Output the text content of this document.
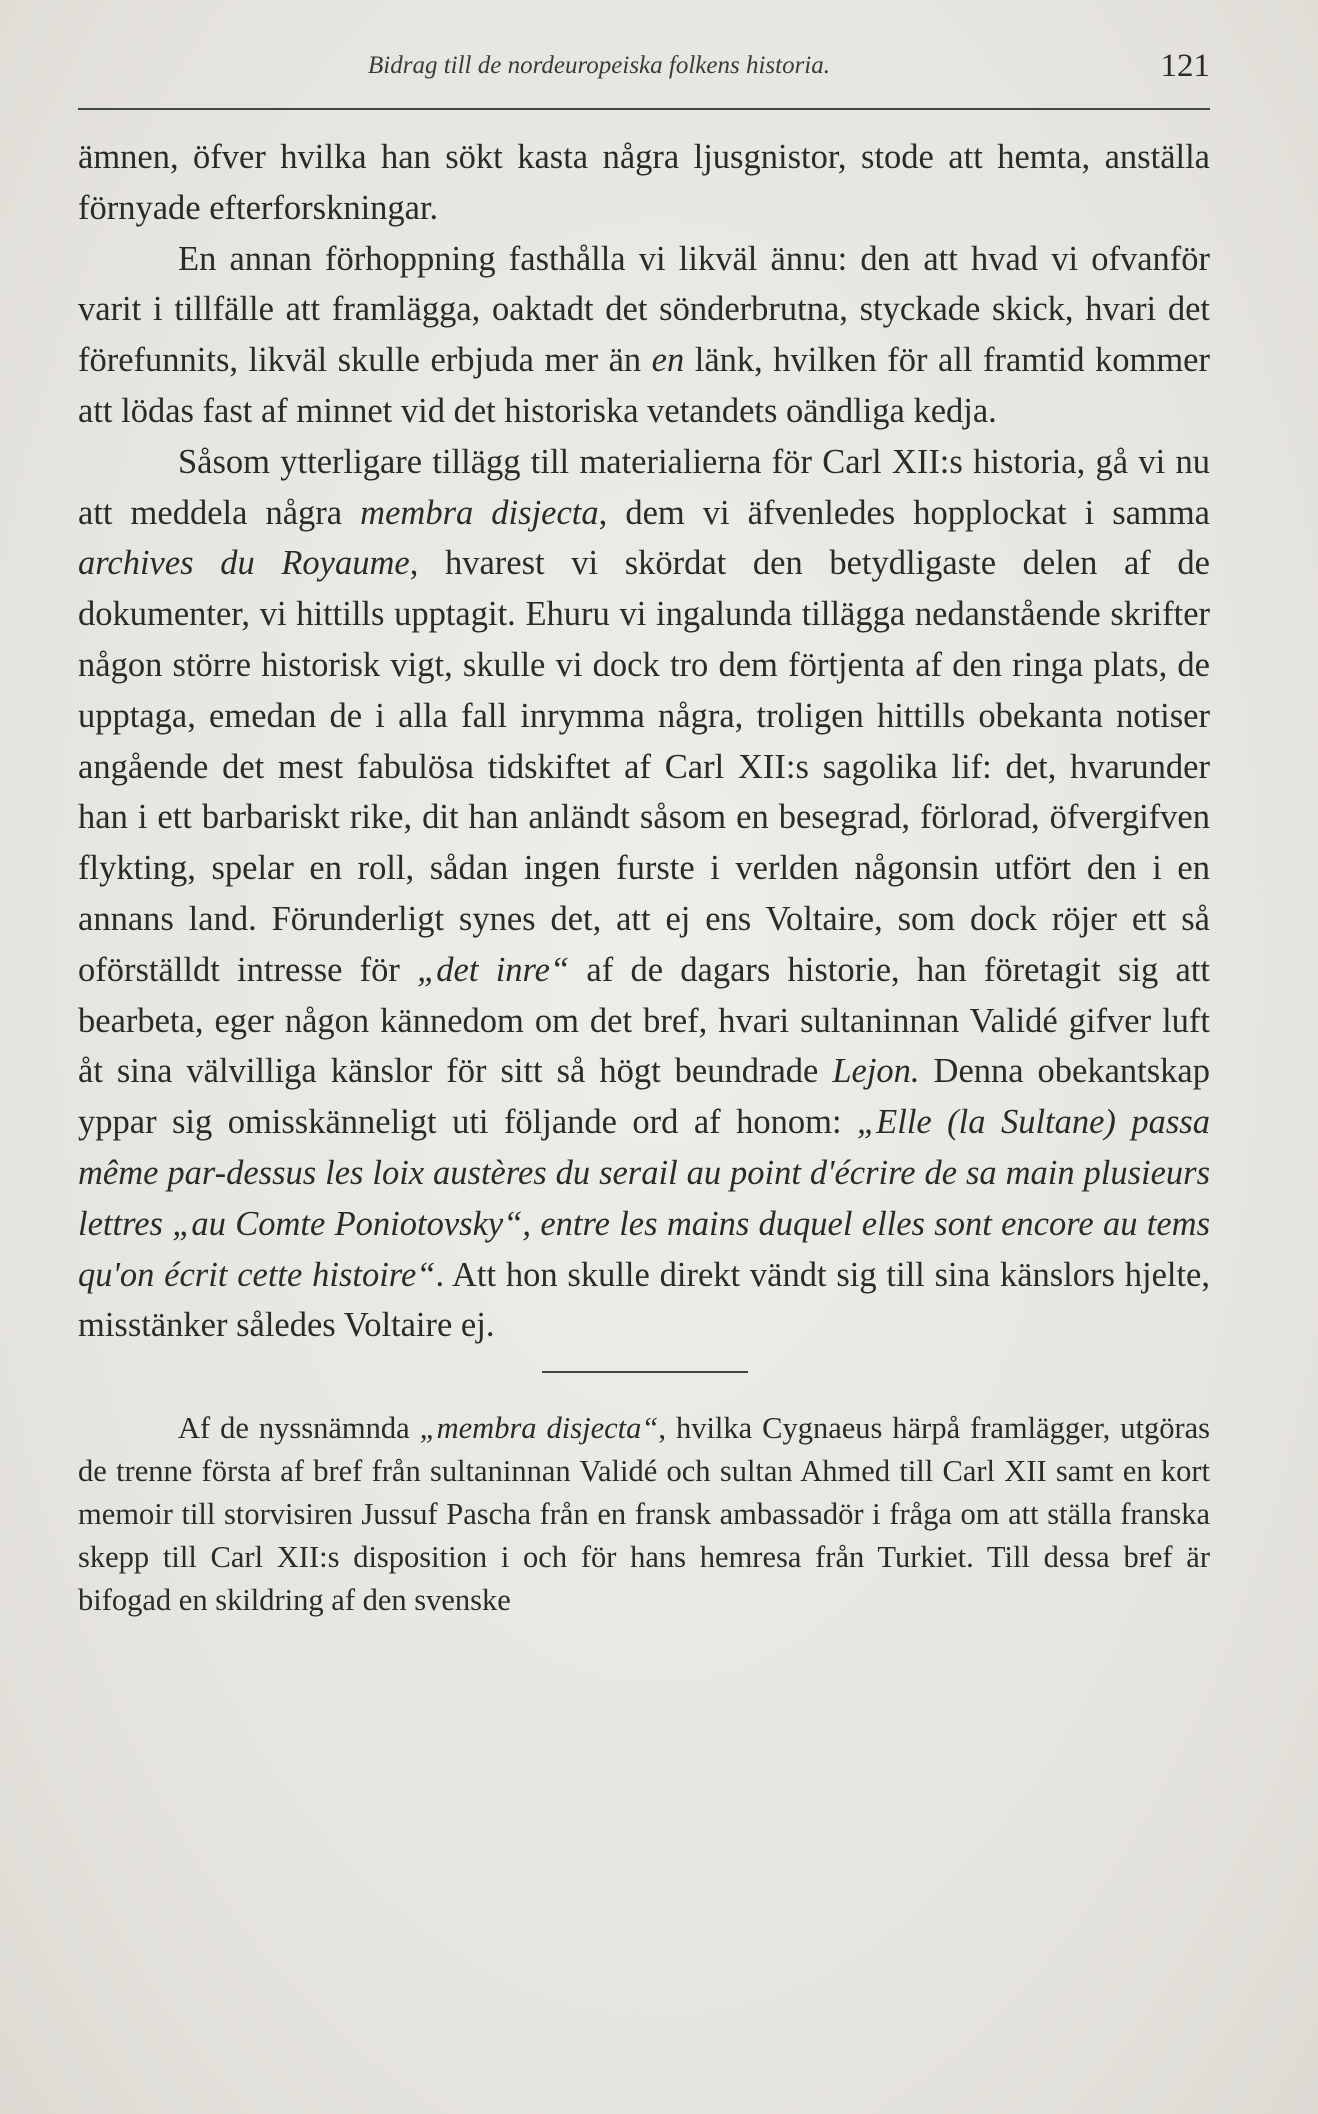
Bidrag till de nordeuropeiska folkens historia.	121

ämnen, öfver hvilka han sökt kasta några ljusgnistor, stode att hemta, anställa förnyade efterforskningar.

En annan förhoppning fasthålla vi likväl ännu: den att hvad vi ofvanför varit i tillfälle att framlägga, oaktadt det sönderbrutna, styckade skick, hvari det förefunnits, likväl skulle erbjuda mer än en länk, hvilken för all framtid kommer att lödas fast af minnet vid det historiska vetandets oändliga kedja.

Såsom ytterligare tillägg till materialierna för Carl XII:s historia, gå vi nu att meddela några membra disjecta, dem vi äfvenledes hopplockat i samma archives du Royaume, hvarest vi skördat den betydligaste delen af de dokumenter, vi hittills upptagit. Ehuru vi ingalunda tillägga nedanstående skrifter någon större historisk vigt, skulle vi dock tro dem förtjenta af den ringa plats, de upptaga, emedan de i alla fall inrymma några, troligen hittills obekanta notiser angående det mest fabulösa tidskiftet af Carl XII:s sagolika lif: det, hvarunder han i ett barbariskt rike, dit han anländt såsom en besegrad, förlorad, öfvergifven flykting, spelar en roll, sådan ingen furste i verlden någonsin utfört den i en annans land. Förunderligt synes det, att ej ens Voltaire, som dock röjer ett så oförställdt intresse för „det inre“ af de dagars historie, han företagit sig att bearbeta, eger någon kännedom om det bref, hvari sultaninnan Validé gifver luft åt sina välvilliga känslor för sitt så högt beundrade Lejon. Denna obekantskap yppar sig omisskänneligt uti följande ord af honom: „Elle (la Sultane) passa même par-dessus les loix austères du serail au point d'écrire de sa main plusieurs lettres „au Comte Poniotovsky“, entre les mains duquel elles sont encore au tems qu'on écrit cette histoire“. Att hon skulle direkt vändt sig till sina känslors hjelte, misstänker således Voltaire ej.

Af de nyssnämnda „membra disjecta“, hvilka Cygnaeus härpå framlägger, utgöras de trenne första af bref från sultaninnan Validé och sultan Ahmed till Carl XII samt en kort memoir till storvisiren Jussuf Pascha från en fransk ambassadör i fråga om att ställa franska skepp till Carl XII:s disposition i och för hans hemresa från Turkiet. Till dessa bref är bifogad en skildring af den svenske
